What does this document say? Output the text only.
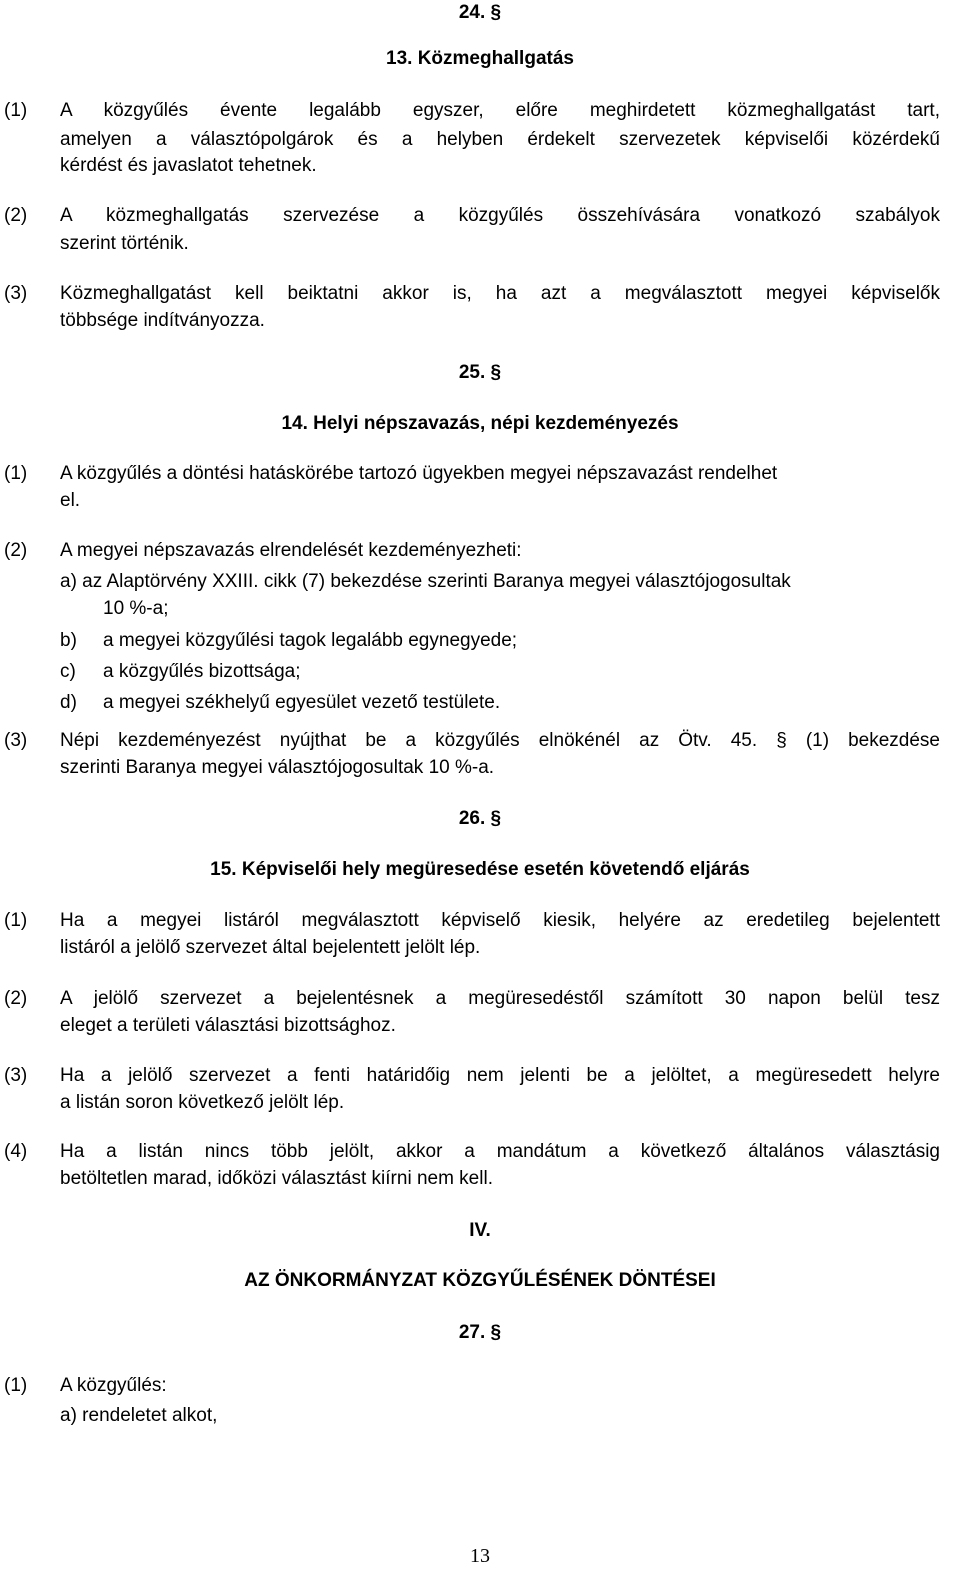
24. §
13. Közmeghallgatás
(1) A közgyűlés évente legalább egyszer, előre meghirdetett közmeghallgatást tart,
amelyen a választópolgárok és a helyben érdekelt szervezetek képviselői közérdekű
kérdést és javaslatot tehetnek.
(2) A közmeghallgatás szervezése a közgyűlés összehívására vonatkozó szabályok
szerint történik.
(3) Közmeghallgatást kell beiktatni akkor is, ha azt a megválasztott megyei képviselők
többsége indítványozza.
25. §
14. Helyi népszavazás, népi kezdeményezés
(1) A közgyűlés a döntési hatáskörébe tartozó ügyekben megyei népszavazást rendelhet
el.
(2) A megyei népszavazás elrendelését kezdeményezheti:
a) az Alaptörvény XXIII. cikk (7) bekezdése szerinti Baranya megyei választójogosultak
10 %-a;
b) a megyei közgyűlési tagok legalább egynegyede;
c) a közgyűlés bizottsága;
d) a megyei székhelyű egyesület vezető testülete.
(3) Népi kezdeményezést nyújthat be a közgyűlés elnökénél az Ötv. 45. § (1) bekezdése
szerinti Baranya megyei választójogosultak 10 %-a.
26. §
15. Képviselői hely megüresedése esetén követendő eljárás
(1) Ha a megyei listáról megválasztott képviselő kiesik, helyére az eredetileg bejelentett
listáról a jelölő szervezet által bejelentett jelölt lép.
(2) A jelölő szervezet a bejelentésnek a megüresedéstől számított 30 napon belül tesz
eleget a területi választási bizottsághoz.
(3) Ha a jelölő szervezet a fenti határidőig nem jelenti be a jelöltet, a megüresedett helyre
a listán soron következő jelölt lép.
(4) Ha a listán nincs több jelölt, akkor a mandátum a következő általános választásig
betöltetlen marad, időközi választást kiírni nem kell.
IV.
AZ ÖNKORMÁNYZAT KÖZGYŰLÉSÉNEK DÖNTÉSEI
27. §
(1) A közgyűlés:
a) rendeletet alkot,
13
